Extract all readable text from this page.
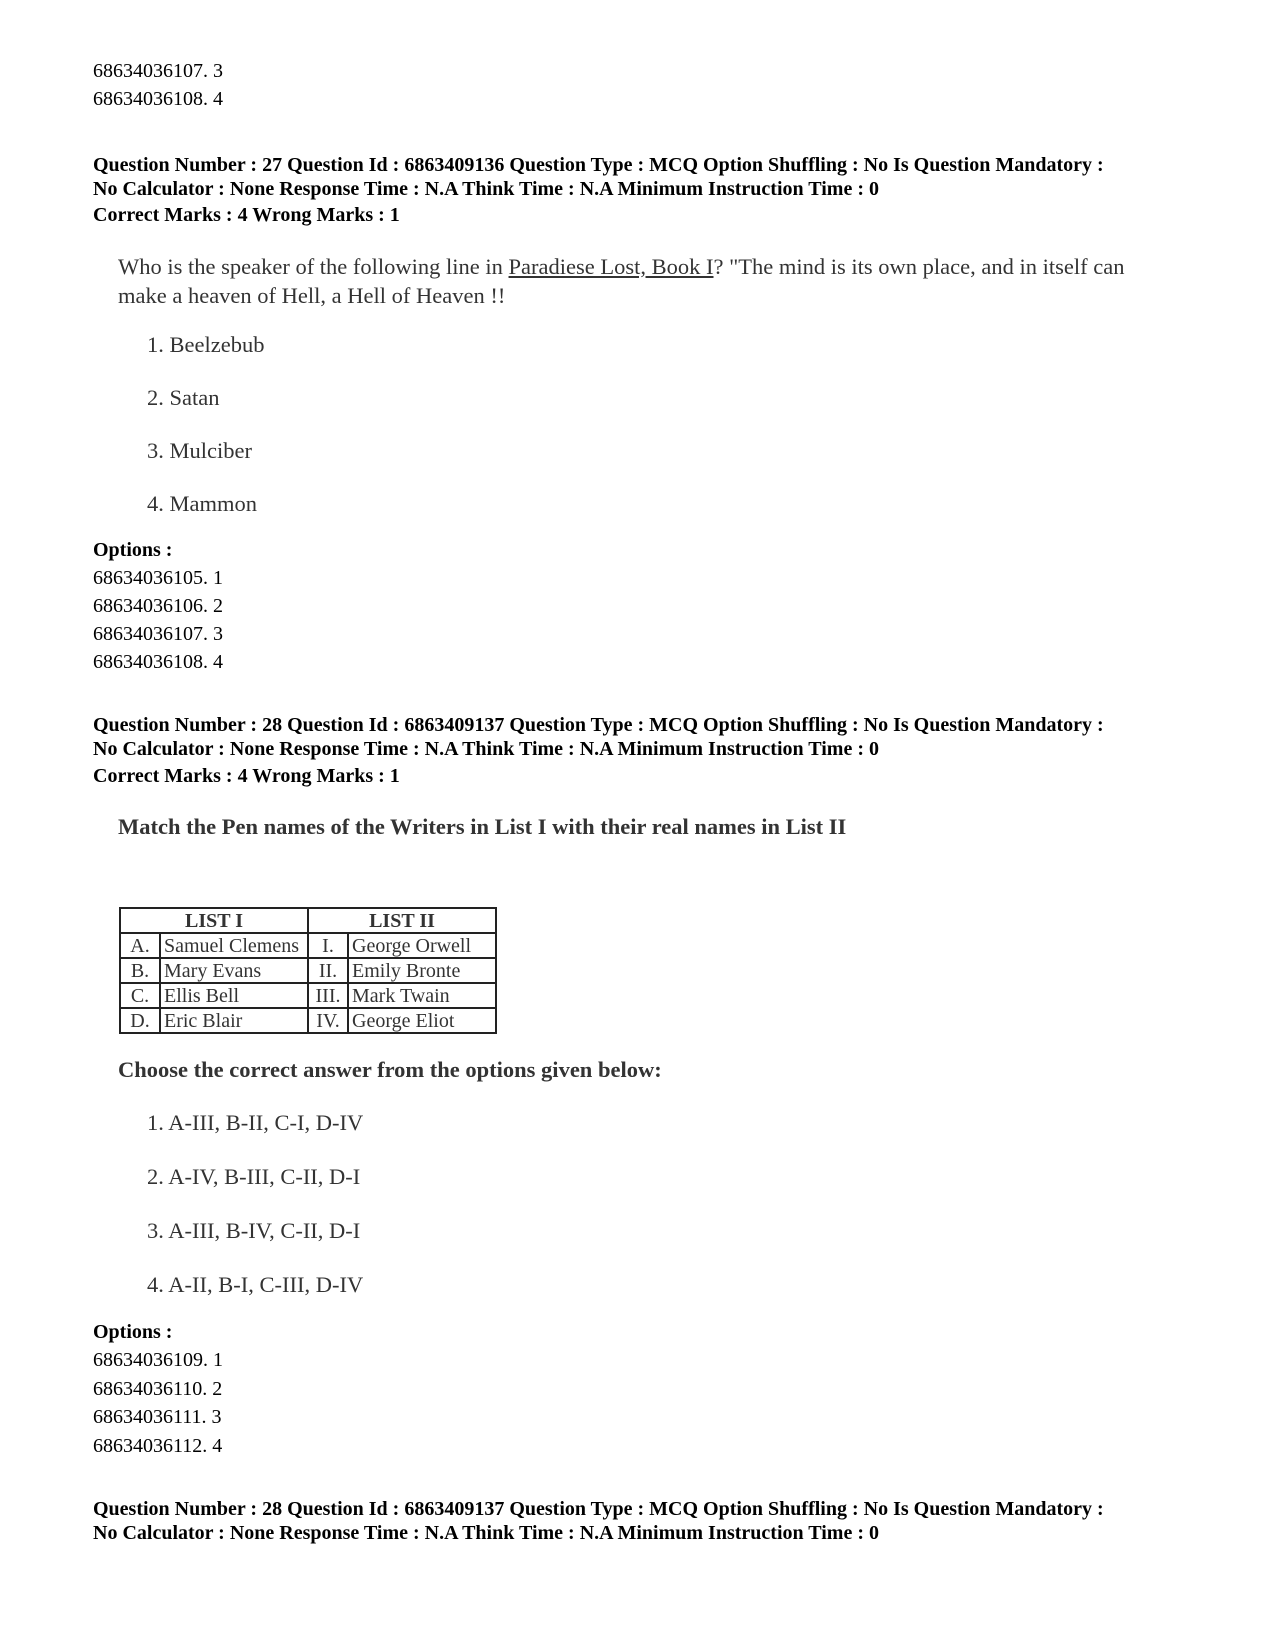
68634036107. 3
68634036108. 4
Question Number : 27 Question Id : 6863409136 Question Type : MCQ Option Shuffling : No Is Question Mandatory :
No Calculator : None Response Time : N.A Think Time : N.A Minimum Instruction Time : 0
Correct Marks : 4 Wrong Marks : 1
Who is the speaker of the following line in Paradiese Lost, Book I? "The mind is its own place, and in itself can make a heaven of Hell, a Hell of Heaven !!
1. Beelzebub
2. Satan
3. Mulciber
4. Mammon
Options :
68634036105. 1
68634036106. 2
68634036107. 3
68634036108. 4
Question Number : 28 Question Id : 6863409137 Question Type : MCQ Option Shuffling : No Is Question Mandatory :
No Calculator : None Response Time : N.A Think Time : N.A Minimum Instruction Time : 0
Correct Marks : 4 Wrong Marks : 1
Match the Pen names of the Writers in List I with their real names in List II
LIST I		LIST II	
A.	Samuel Clemens	I.	George Orwell
B.	Mary Evans	II.	Emily Bronte
C.	Ellis Bell	III.	Mark Twain
D.	Eric Blair	IV.	George Eliot
Choose the correct answer from the options given below:
1. A-III, B-II, C-I, D-IV
2. A-IV, B-III, C-II, D-I
3. A-III, B-IV, C-II, D-I
4. A-II, B-I, C-III, D-IV
Options :
68634036109. 1
68634036110. 2
68634036111. 3
68634036112. 4
Question Number : 28 Question Id : 6863409137 Question Type : MCQ Option Shuffling : No Is Question Mandatory :
No Calculator : None Response Time : N.A Think Time : N.A Minimum Instruction Time : 0
